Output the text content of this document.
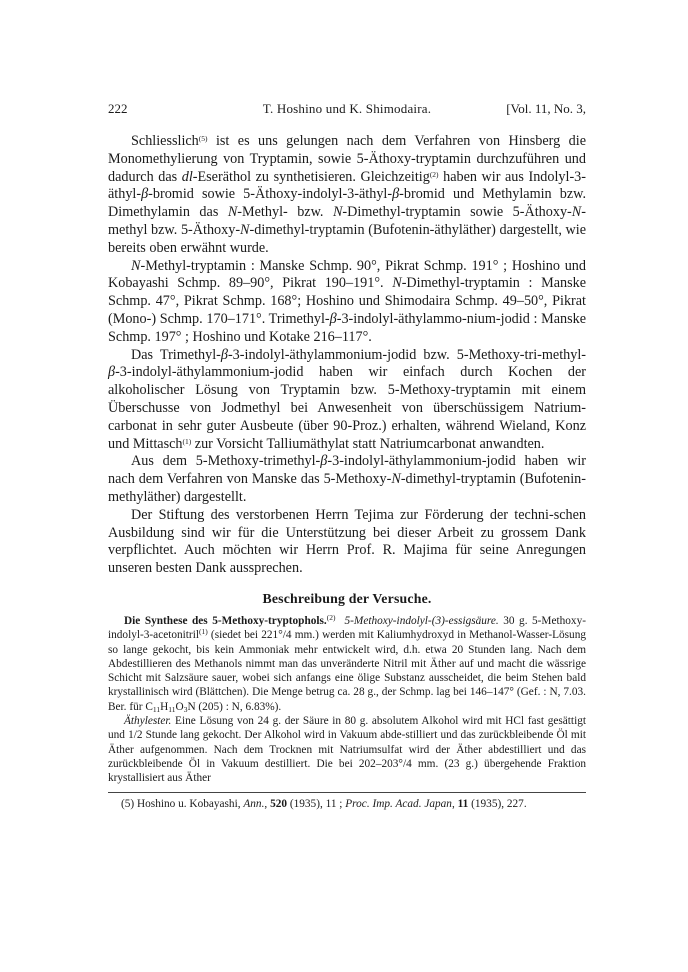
222	T. Hoshino und K. Shimodaira.	[Vol. 11, No. 3,

Schliesslich$^{(5)}$ ist es uns gelungen nach dem Verfahren von Hinsberg die Monomethylierung von Tryptamin, sowie 5-Äthoxy-tryptamin durchzuführen und dadurch das dl-Eseräthol zu synthetisieren. Gleichzeitig$^{(2)}$ haben wir aus Indolyl-3-äthyl-β-bromid sowie 5-Äthoxy-indolyl-3-äthyl-β-bromid und Methylamin bzw. Dimethylamin das N-Methyl- bzw. N-Dimethyl-tryptamin sowie 5-Äthoxy-N-methyl bzw. 5-Äthoxy-N-dimethyl-tryptamin (Bufotenin-äthyläther) dargestellt, wie bereits oben erwähnt wurde.

N-Methyl-tryptamin : Manske Schmp. 90°, Pikrat Schmp. 191° ; Hoshino und Kobayashi Schmp. 89–90°, Pikrat 190–191°. N-Dimethyl-tryptamin : Manske Schmp. 47°, Pikrat Schmp. 168°; Hoshino und Shimodaira Schmp. 49–50°, Pikrat (Mono-) Schmp. 170–171°. Trimethyl-β-3-indolyl-äthylammo-nium-jodid : Manske Schmp. 197° ; Hoshino und Kotake 216–117°.

Das Trimethyl-β-3-indolyl-äthylammonium-jodid bzw. 5-Methoxy-tri-methyl-β-3-indolyl-äthylammonium-jodid haben wir einfach durch Kochen der alkoholischer Lösung von Tryptamin bzw. 5-Methoxy-tryptamin mit einem Überschusse von Jodmethyl bei Anwesenheit von überschüssigem Natrium-carbonat in sehr guter Ausbeute (über 90-Proz.) erhalten, während Wieland, Konz und Mittasch$^{(1)}$ zur Vorsicht Talliumäthylat statt Natriumcarbonat anwandten.

Aus dem 5-Methoxy-trimethyl-β-3-indolyl-äthylammonium-jodid haben wir nach dem Verfahren von Manske das 5-Methoxy-N-dimethyl-tryptamin (Bufotenin-methyläther) dargestellt.

Der Stiftung des verstorbenen Herrn Tejima zur Förderung der techni-schen Ausbildung sind wir für die Unterstützung bei dieser Arbeit zu grossem Dank verpflichtet. Auch möchten wir Herrn Prof. R. Majima für seine Anregungen unseren besten Dank aussprechen.

Beschreibung der Versuche.

Die Synthese des 5-Methoxy-tryptophols.$^{(2)}$ 5-Methoxy-indolyl-(3)-essigsäure. 30 g. 5-Methoxy-indolyl-3-acetonitril$^{(1)}$ (siedet bei 221°/4 mm.) werden mit Kaliumhydroxyd in Methanol-Wasser-Lösung so lange gekocht, bis kein Ammoniak mehr entwickelt wird, d.h. etwa 20 Stunden lang. Nach dem Abdestillieren des Methanols nimmt man das unveränderte Nitril mit Äther auf und macht die wässrige Schicht mit Salzsäure sauer, wobei sich anfangs eine ölige Substanz ausscheidet, die beim Stehen bald krystallinisch wird (Blättchen). Die Menge betrug ca. 28 g., der Schmp. lag bei 146–147° (Gef. : N, 7.03. Ber. für $C_{11}H_{11}O_3N$ (205) : N, 6.83%).

Äthylester. Eine Lösung von 24 g. der Säure in 80 g. absolutem Alkohol wird mit HCl fast gesättigt und 1/2 Stunde lang gekocht. Der Alkohol wird in Vakuum abde-stilliert und das zurückbleibende Öl mit Äther aufgenommen. Nach dem Trocknen mit Natriumsulfat wird der Äther abdestilliert und das zurückbleibende Öl in Vakuum destilliert. Die bei 202–203°/4 mm. (23 g.) übergehende Fraktion krystallisiert aus Äther

(5) Hoshino u. Kobayashi, Ann., 520 (1935), 11 ; Proc. Imp. Acad. Japan, 11 (1935), 227.
